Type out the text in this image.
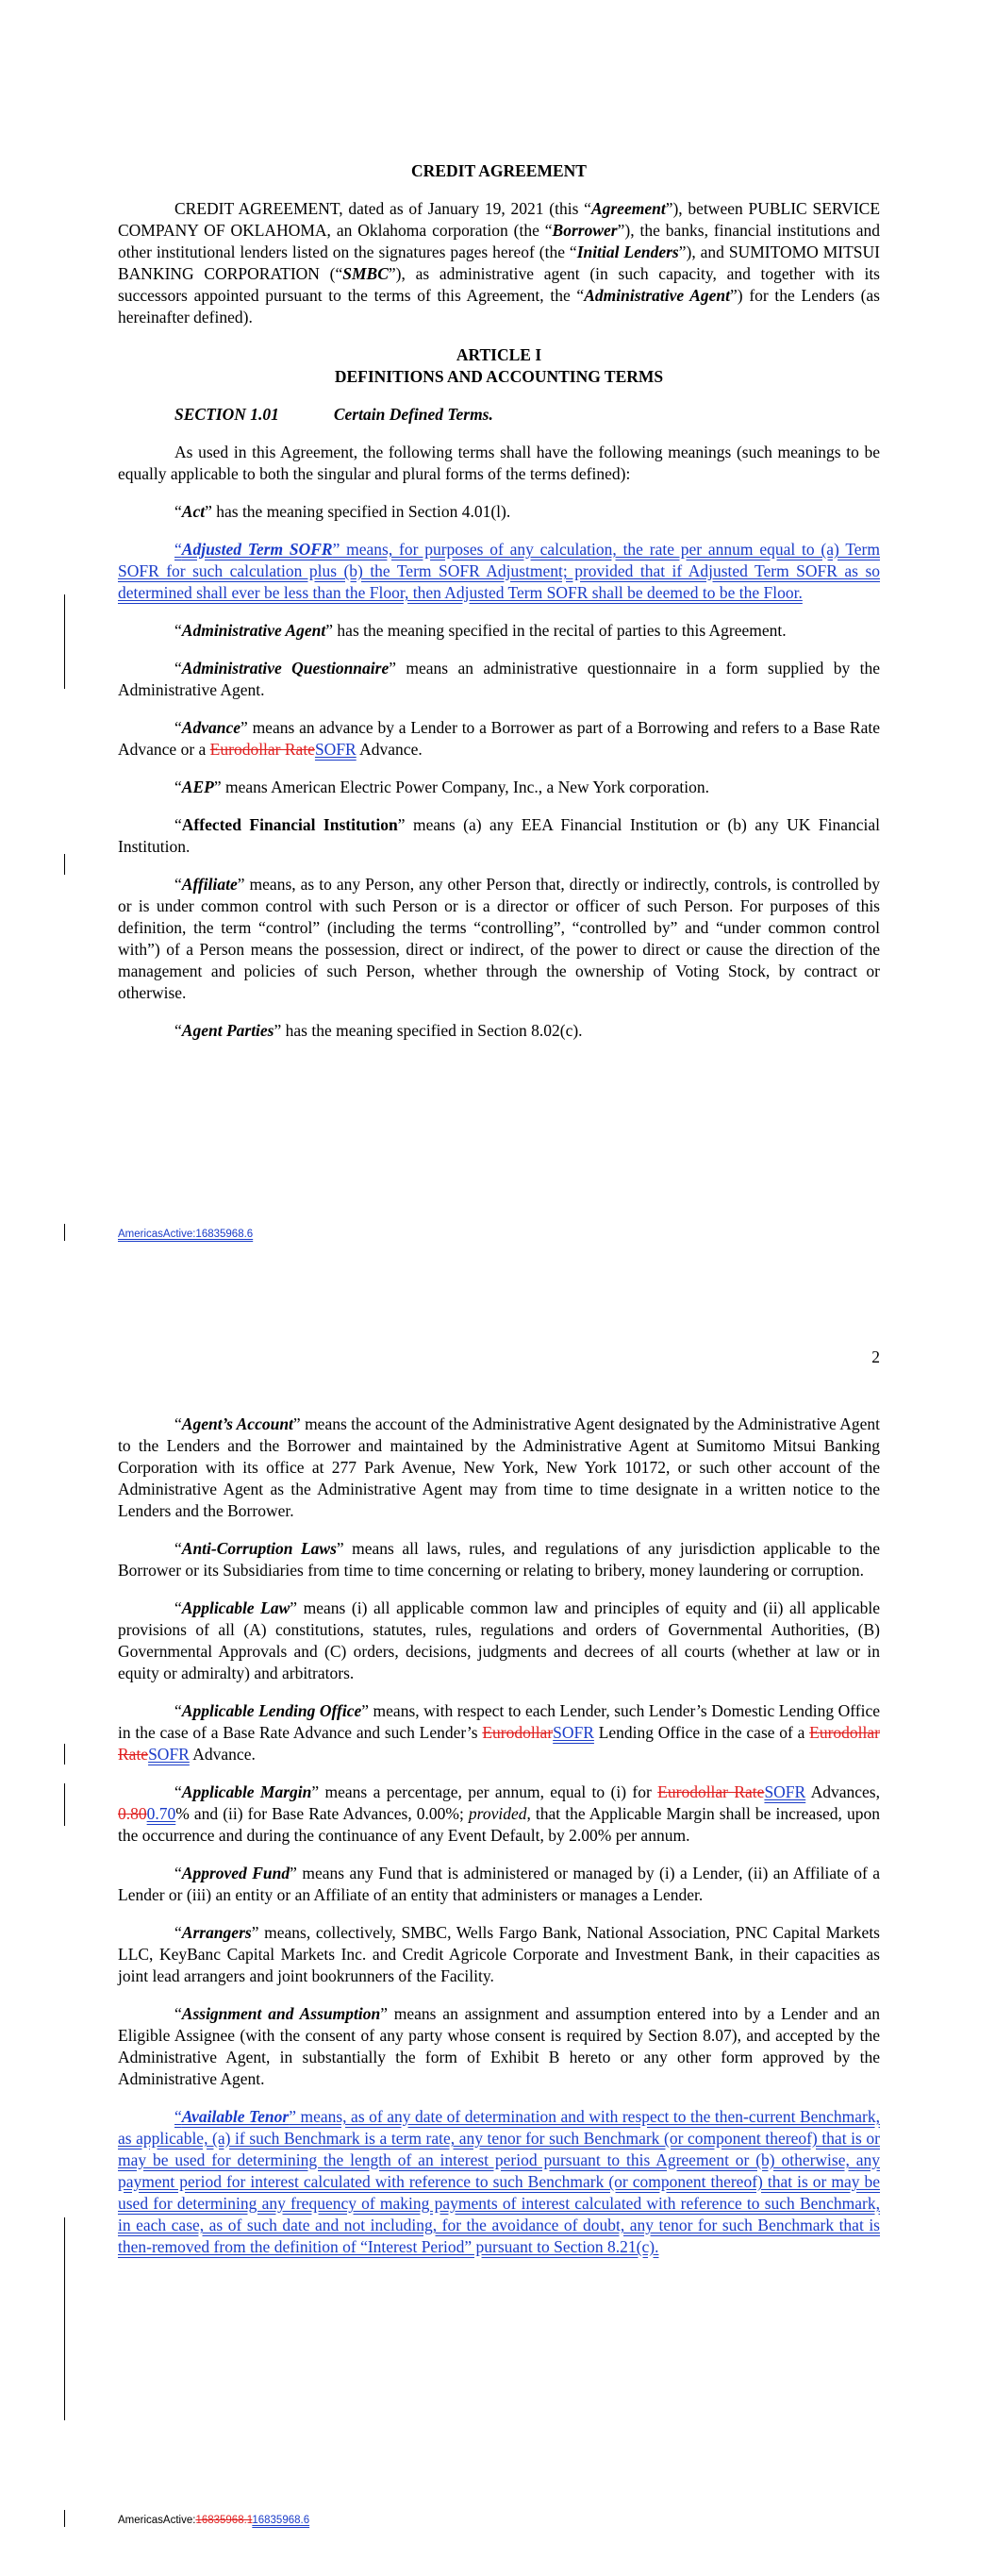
CREDIT AGREEMENT

CREDIT AGREEMENT, dated as of January 19, 2021 (this “Agreement”), between PUBLIC SERVICE COMPANY OF OKLAHOMA, an Oklahoma corporation (the “Borrower”), the banks, financial institutions and other institutional lenders listed on the signatures pages hereof (the “Initial Lenders”), and SUMITOMO MITSUI BANKING CORPORATION (“SMBC”), as administrative agent (in such capacity, and together with its successors appointed pursuant to the terms of this Agreement, the “Administrative Agent”) for the Lenders (as hereinafter defined).

ARTICLE I

DEFINITIONS AND ACCOUNTING TERMS

SECTION 1.01	Certain Defined Terms.

As used in this Agreement, the following terms shall have the following meanings (such meanings to be equally applicable to both the singular and plural forms of the terms defined):

“Act” has the meaning specified in Section 4.01(l).

“Adjusted Term SOFR” means, for purposes of any calculation, the rate per annum equal to (a) Term SOFR for such calculation plus (b) the Term SOFR Adjustment; provided that if Adjusted Term SOFR as so determined shall ever be less than the Floor, then Adjusted Term SOFR shall be deemed to be the Floor.

“Administrative Agent” has the meaning specified in the recital of parties to this Agreement.

“Administrative Questionnaire” means an administrative questionnaire in a form supplied by the Administrative Agent.

“Advance” means an advance by a Lender to a Borrower as part of a Borrowing and refers to a Base Rate Advance or a Eurodollar RateSOFR Advance.

“AEP” means American Electric Power Company, Inc., a New York corporation.

“Affected Financial Institution” means (a) any EEA Financial Institution or (b) any UK Financial Institution.

“Affiliate” means, as to any Person, any other Person that, directly or indirectly, controls, is controlled by or is under common control with such Person or is a director or officer of such Person. For purposes of this definition, the term “control” (including the terms “controlling”, “controlled by” and “under common control with”) of a Person means the possession, direct or indirect, of the power to direct or cause the direction of the management and policies of such Person, whether through the ownership of Voting Stock, by contract or otherwise.

“Agent Parties” has the meaning specified in Section 8.02(c).

AmericasActive:16835968.6
2

“Agent’s Account” means the account of the Administrative Agent designated by the Administrative Agent to the Lenders and the Borrower and maintained by the Administrative Agent at Sumitomo Mitsui Banking Corporation with its office at 277 Park Avenue, New York, New York 10172, or such other account of the Administrative Agent as the Administrative Agent may from time to time designate in a written notice to the Lenders and the Borrower.

“Anti-Corruption Laws” means all laws, rules, and regulations of any jurisdiction applicable to the Borrower or its Subsidiaries from time to time concerning or relating to bribery, money laundering or corruption.

“Applicable Law” means (i) all applicable common law and principles of equity and (ii) all applicable provisions of all (A) constitutions, statutes, rules, regulations and orders of Governmental Authorities, (B) Governmental Approvals and (C) orders, decisions, judgments and decrees of all courts (whether at law or in equity or admiralty) and arbitrators.

“Applicable Lending Office” means, with respect to each Lender, such Lender’s Domestic Lending Office in the case of a Base Rate Advance and such Lender’s EurodollarSOFR Lending Office in the case of a Eurodollar RateSOFR Advance.

“Applicable Margin” means a percentage, per annum, equal to (i) for Eurodollar RateSOFR Advances, 0.800.70% and (ii) for Base Rate Advances, 0.00%; provided, that the Applicable Margin shall be increased, upon the occurrence and during the continuance of any Event Default, by 2.00% per annum.

“Approved Fund” means any Fund that is administered or managed by (i) a Lender, (ii) an Affiliate of a Lender or (iii) an entity or an Affiliate of an entity that administers or manages a Lender.

“Arrangers” means, collectively, SMBC, Wells Fargo Bank, National Association, PNC Capital Markets LLC, KeyBanc Capital Markets Inc. and Credit Agricole Corporate and Investment Bank, in their capacities as joint lead arrangers and joint bookrunners of the Facility.

“Assignment and Assumption” means an assignment and assumption entered into by a Lender and an Eligible Assignee (with the consent of any party whose consent is required by Section 8.07), and accepted by the Administrative Agent, in substantially the form of Exhibit B hereto or any other form approved by the Administrative Agent.

“Available Tenor” means, as of any date of determination and with respect to the then-current Benchmark, as applicable, (a) if such Benchmark is a term rate, any tenor for such Benchmark (or component thereof) that is or may be used for determining the length of an interest period pursuant to this Agreement or (b) otherwise, any payment period for interest calculated with reference to such Benchmark (or component thereof) that is or may be used for determining any frequency of making payments of interest calculated with reference to such Benchmark, in each case, as of such date and not including, for the avoidance of doubt, any tenor for such Benchmark that is then-removed from the definition of “Interest Period” pursuant to Section 8.21(c).

AmericasActive:16835968.116835968.6
